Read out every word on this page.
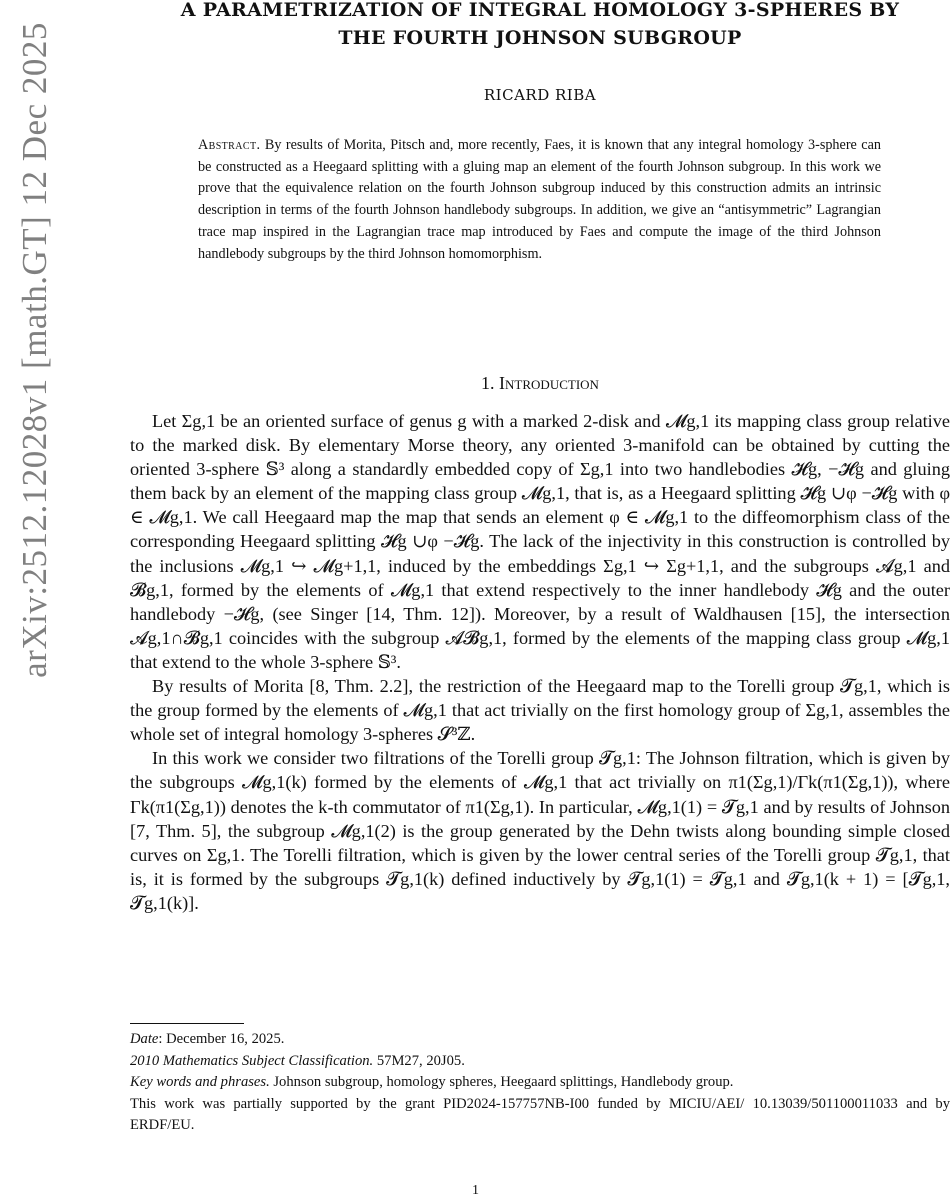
arXiv:2512.12028v1 [math.GT] 12 Dec 2025
A PARAMETRIZATION OF INTEGRAL HOMOLOGY 3-SPHERES BY
THE FOURTH JOHNSON SUBGROUP
RICARD RIBA
Abstract. By results of Morita, Pitsch and, more recently, Faes, it is known that any integral homology 3-sphere can be constructed as a Heegaard splitting with a gluing map an element of the fourth Johnson subgroup. In this work we prove that the equivalence relation on the fourth Johnson subgroup induced by this construction admits an intrinsic description in terms of the fourth Johnson handlebody subgroups. In addition, we give an “antisymmetric” Lagrangian trace map inspired in the Lagrangian trace map introduced by Faes and compute the image of the third Johnson handlebody subgroups by the third Johnson homomorphism.
1. Introduction

Let Σg,1 be an oriented surface of genus g with a marked 2-disk and 𝓜g,1 its mapping class group relative to the marked disk. By elementary Morse theory, any oriented 3-manifold can be obtained by cutting the oriented 3-sphere 𝕊³ along a standardly embedded copy of Σg,1 into two handlebodies 𝓗g, −𝓗g and gluing them back by an element of the mapping class group 𝓜g,1, that is, as a Heegaard splitting 𝓗g ∪φ −𝓗g with φ ∈ 𝓜g,1. We call Heegaard map the map that sends an element φ ∈ 𝓜g,1 to the diffeomorphism class of the corresponding Heegaard splitting 𝓗g ∪φ −𝓗g. The lack of the injectivity in this construction is controlled by the inclusions 𝓜g,1 ↪ 𝓜g+1,1, induced by the embeddings Σg,1 ↪ Σg+1,1, and the subgroups 𝓐g,1 and 𝓑g,1, formed by the elements of 𝓜g,1 that extend respectively to the inner handlebody 𝓗g and the outer handlebody −𝓗g, (see Singer [14, Thm. 12]). Moreover, by a result of Waldhausen [15], the intersection 𝓐g,1∩𝓑g,1 coincides with the subgroup 𝓐𝓑g,1, formed by the elements of the mapping class group 𝓜g,1 that extend to the whole 3-sphere 𝕊³.

By results of Morita [8, Thm. 2.2], the restriction of the Heegaard map to the Torelli group 𝓣g,1, which is the group formed by the elements of 𝓜g,1 that act trivially on the first homology group of Σg,1, assembles the whole set of integral homology 3-spheres 𝓢³ℤ.

In this work we consider two filtrations of the Torelli group 𝓣g,1: The Johnson filtration, which is given by the subgroups 𝓜g,1(k) formed by the elements of 𝓜g,1 that act trivially on π1(Σg,1)/Γk(π1(Σg,1)), where Γk(π1(Σg,1)) denotes the k-th commutator of π1(Σg,1). In particular, 𝓜g,1(1) = 𝓣g,1 and by results of Johnson [7, Thm. 5], the subgroup 𝓜g,1(2) is the group generated by the Dehn twists along bounding simple closed curves on Σg,1. The Torelli filtration, which is given by the lower central series of the Torelli group 𝓣g,1, that is, it is formed by the subgroups 𝓣g,1(k) defined inductively by 𝓣g,1(1) = 𝓣g,1 and 𝓣g,1(k + 1) = [𝓣g,1, 𝓣g,1(k)].

Date: December 16, 2025.
2010 Mathematics Subject Classification. 57M27, 20J05.
Key words and phrases. Johnson subgroup, homology spheres, Heegaard splittings, Handlebody group.
This work was partially supported by the grant PID2024-157757NB-I00 funded by MICIU/AEI/ 10.13039/501100011033 and by ERDF/EU.
1
